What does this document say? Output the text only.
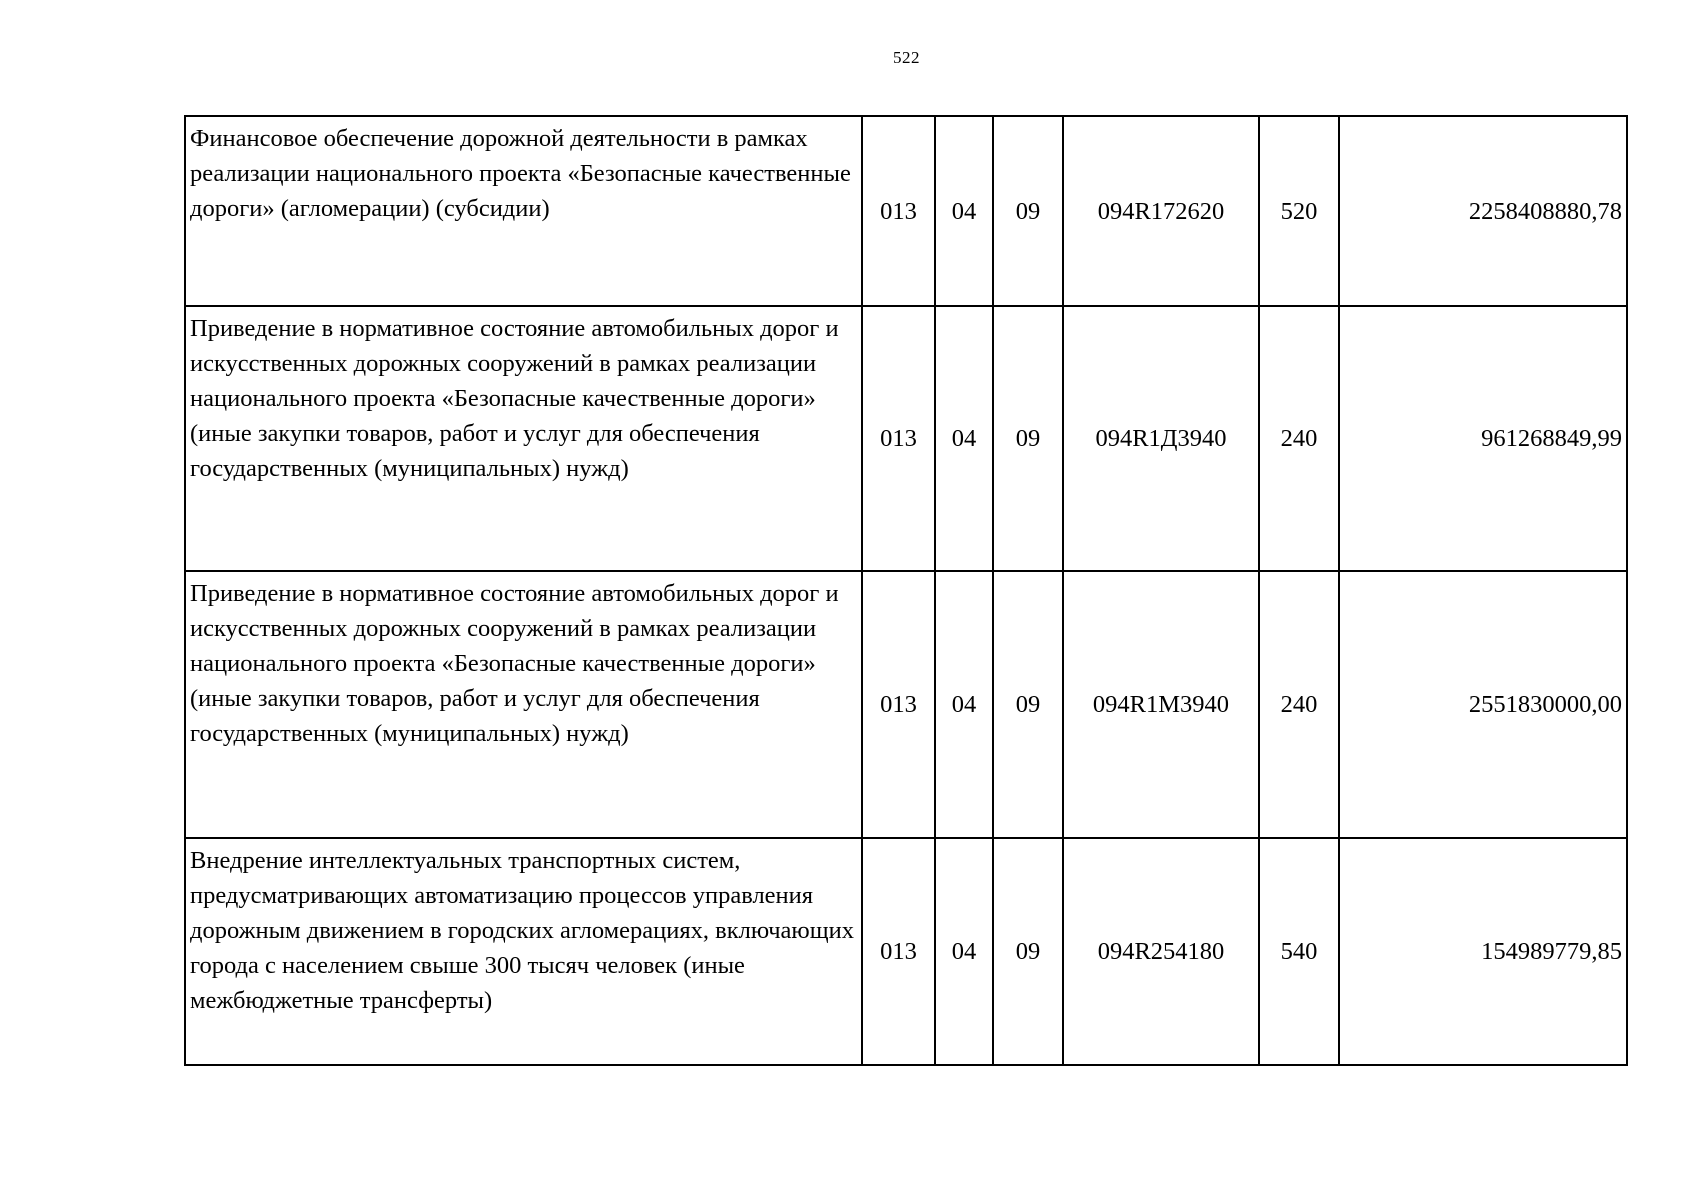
522
Финансовое обеспечение дорожной деятельности в рамках реализации национального проекта «Безопасные качественные дороги» (агломерации) (субсидии)	013	04	09	094R172620	520	2258408880,78
Приведение в нормативное состояние автомобильных дорог и искусственных дорожных сооружений в рамках реализации национального проекта «Безопасные качественные дороги» (иные закупки товаров, работ и услуг для обеспечения государственных (муниципальных) нужд)	013	04	09	094R1Д3940	240	961268849,99
Приведение в нормативное состояние автомобильных дорог и искусственных дорожных сооружений в рамках реализации национального проекта «Безопасные качественные дороги» (иные закупки товаров, работ и услуг для обеспечения государственных (муниципальных) нужд)	013	04	09	094R1М3940	240	2551830000,00
Внедрение интеллектуальных транспортных систем, предусматривающих автоматизацию процессов управления дорожным движением в городских агломерациях, включающих города с населением свыше 300 тысяч человек (иные межбюджетные трансферты)	013	04	09	094R254180	540	154989779,85
